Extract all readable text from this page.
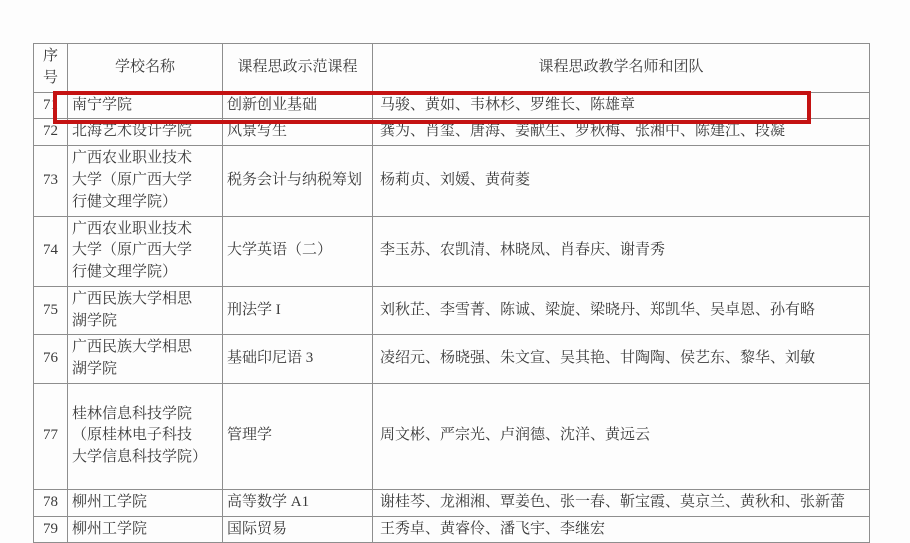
序号	学校名称	课程思政示范课程	课程思政教学名师和团队
71	南宁学院	创新创业基础	马骏、黄如、韦林杉、罗维长、陈雄章
72	北海艺术设计学院	风景写生	龚为、肖玺、唐海、姜献生、罗秋梅、张湘中、陈建江、段凝
73	广西农业职业技术大学（原广西大学行健文理学院）	税务会计与纳税筹划	杨莉贞、刘媛、黄荷菱
74	广西农业职业技术大学（原广西大学行健文理学院）	大学英语（二）	李玉苏、农凯清、林晓凤、肖春庆、谢青秀
75	广西民族大学相思湖学院	刑法学 I	刘秋芷、李雪菁、陈诚、梁旋、梁晓丹、郑凯华、吴卓恩、孙有略
76	广西民族大学相思湖学院	基础印尼语 3	凌绍元、杨晓强、朱文宣、吴其艳、甘陶陶、侯艺东、黎华、刘敏
77	桂林信息科技学院（原桂林电子科技大学信息科技学院）	管理学	周文彬、严宗光、卢润德、沈洋、黄远云
78	柳州工学院	高等数学 A1	谢桂芩、龙湘湘、覃姜色、张一春、靳宝霞、莫京兰、黄秋和、张新蕾
79	柳州工学院	国际贸易	王秀卓、黄睿伶、潘飞宇、李继宏
